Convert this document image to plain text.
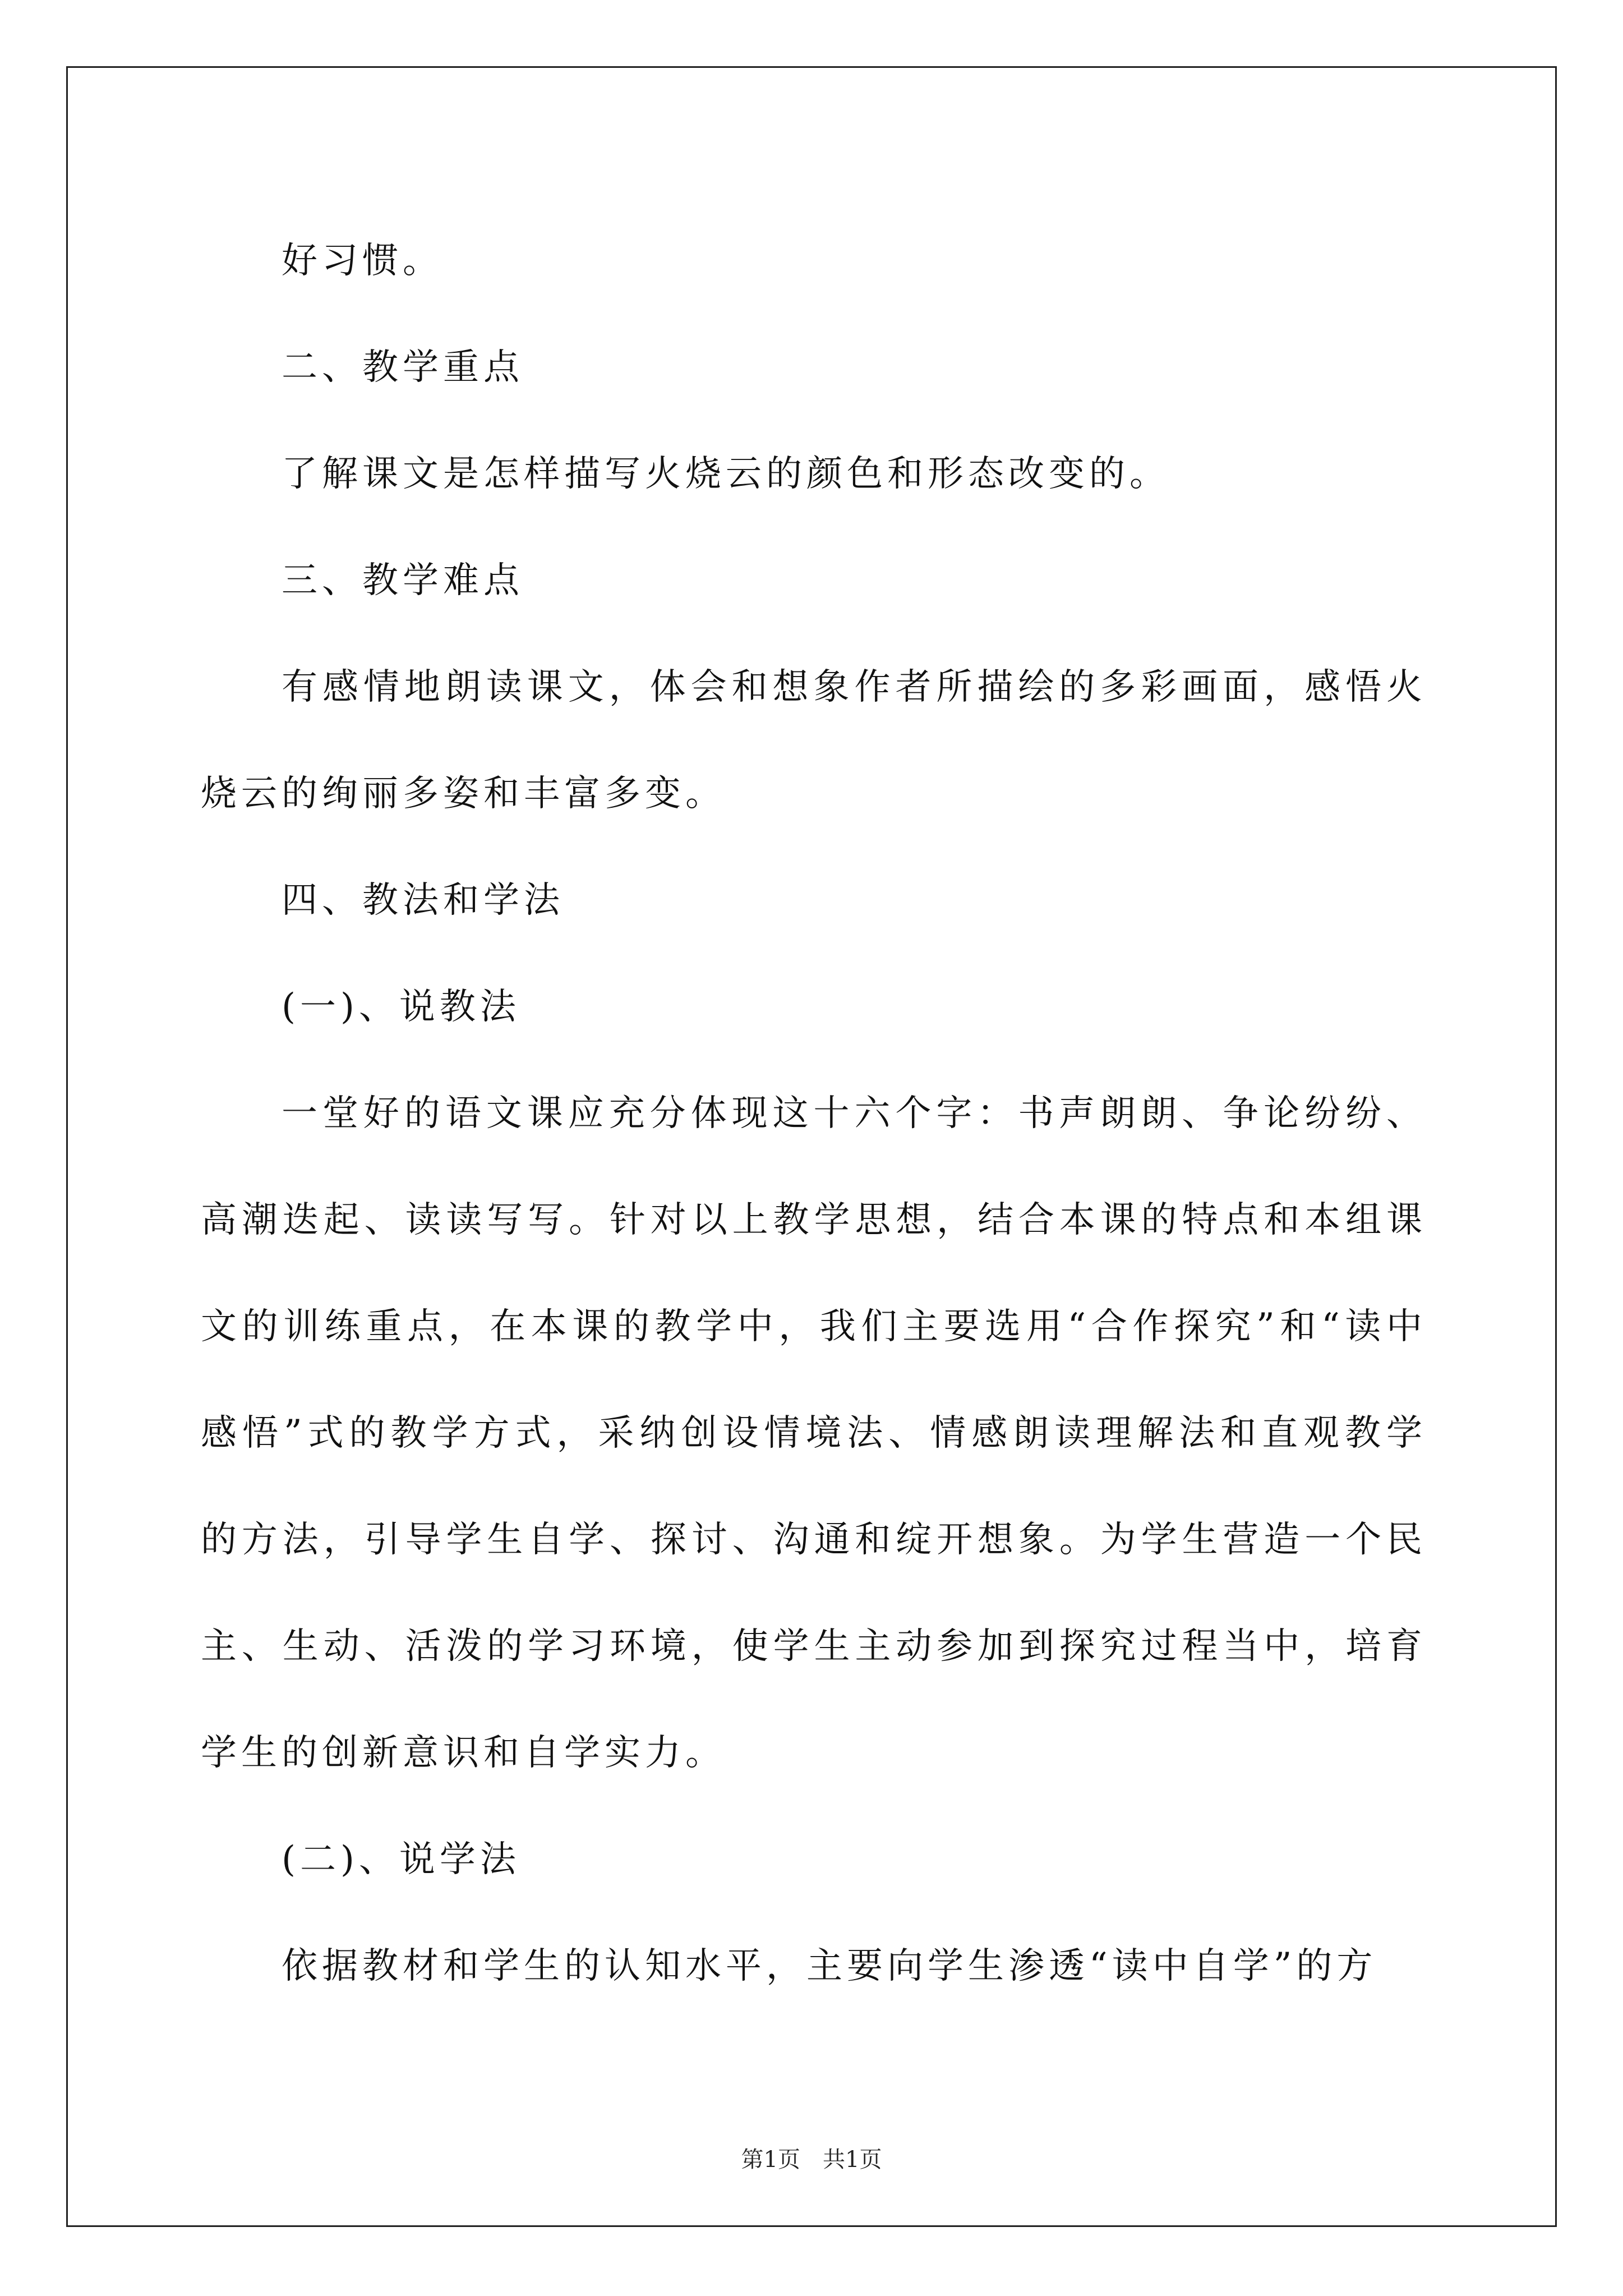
好习惯。

二、教学重点

了解课文是怎样描写火烧云的颜色和形态改变的。

三、教学难点

有感情地朗读课文，体会和想象作者所描绘的多彩画面，感悟火烧云的绚丽多姿和丰富多变。

四、教法和学法

(一)、说教法

一堂好的语文课应充分体现这十六个字：书声朗朗、争论纷纷、高潮迭起、读读写写。针对以上教学思想，结合本课的特点和本组课文的训练重点，在本课的教学中，我们主要选用“合作探究”和“读中感悟”式的教学方式，采纳创设情境法、情感朗读理解法和直观教学的方法，引导学生自学、探讨、沟通和绽开想象。为学生营造一个民主、生动、活泼的学习环境，使学生主动参加到探究过程当中，培育学生的创新意识和自学实力。

(二)、说学法

依据教材和学生的认知水平，主要向学生渗透“读中自学”的方

第1页　共1页
